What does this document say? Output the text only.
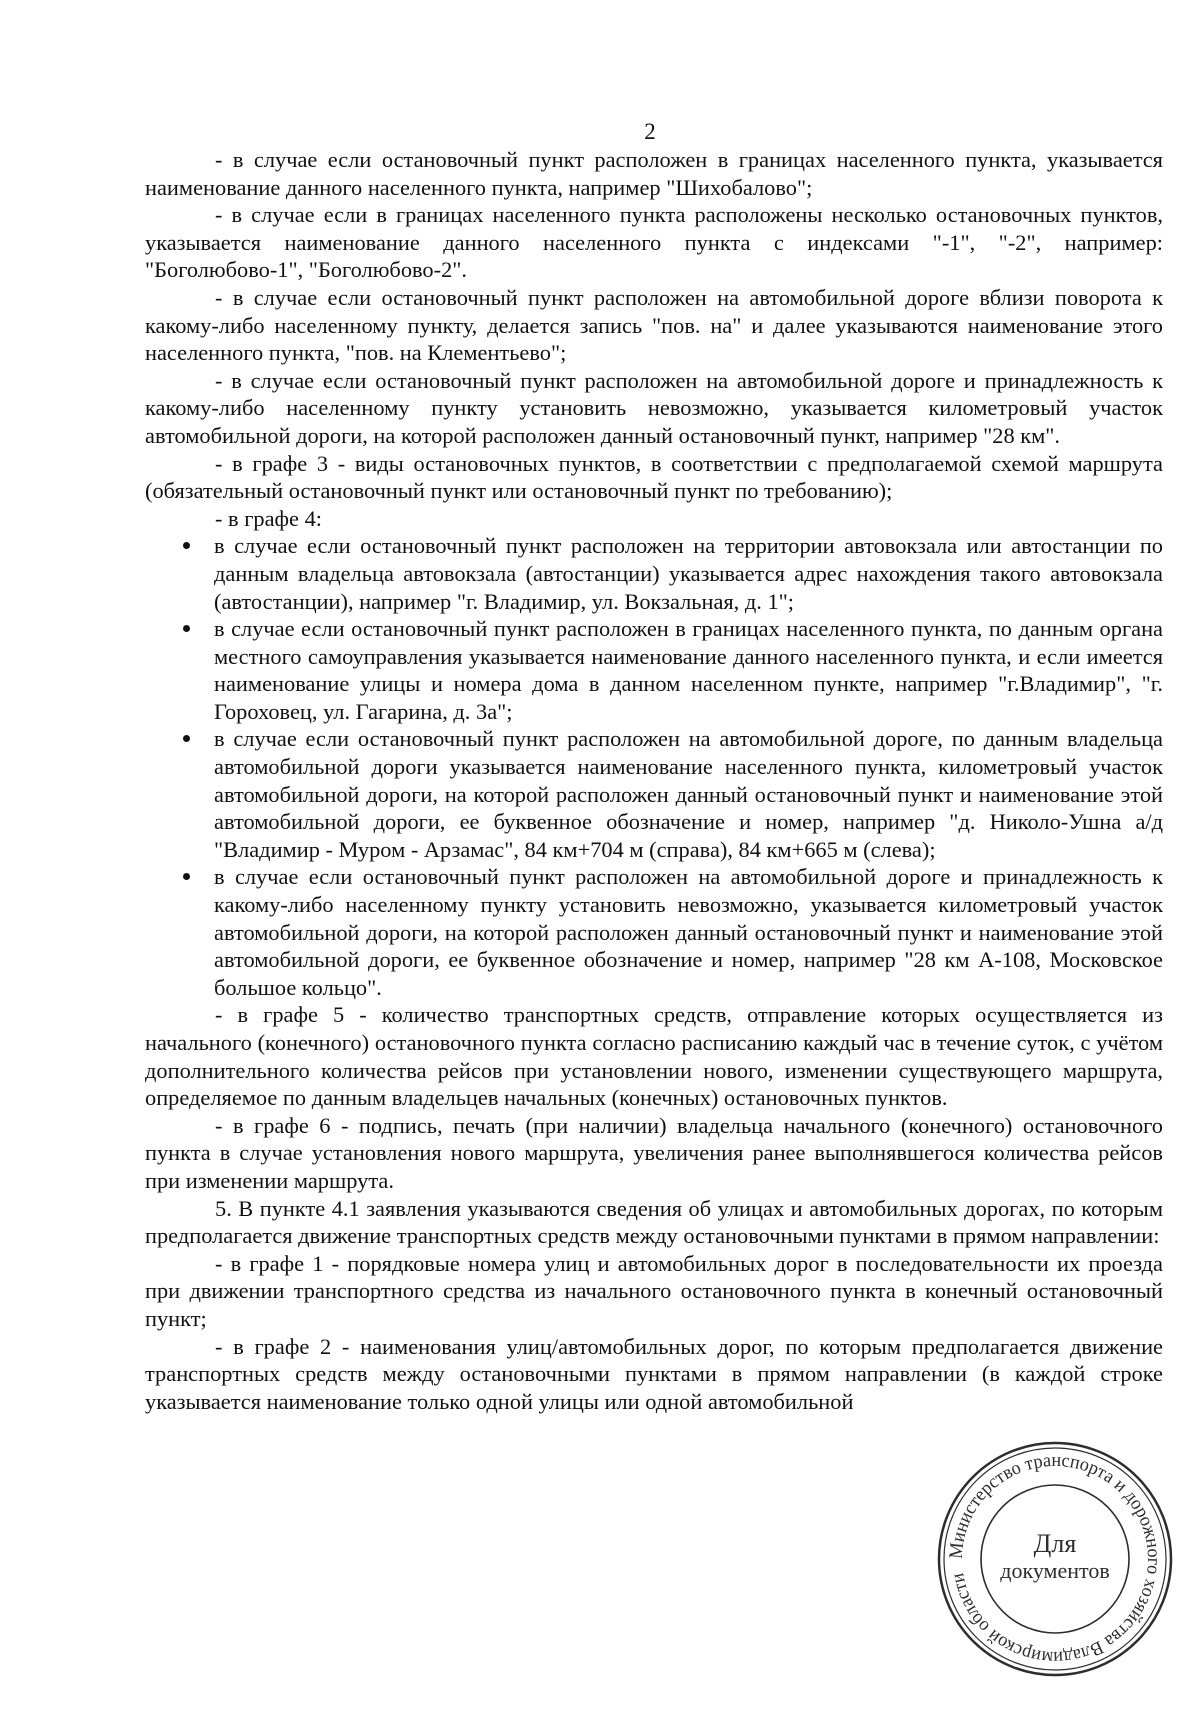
2

- в случае если остановочный пункт расположен в границах населенного пункта, указывается наименование данного населенного пункта, например "Шихобалово";

- в случае если в границах населенного пункта расположены несколько остановочных пунктов, указывается наименование данного населенного пункта с индексами "-1", "-2", например: "Боголюбово-1", "Боголюбово-2".

- в случае если остановочный пункт расположен на автомобильной дороге вблизи поворота к какому-либо населенному пункту, делается запись "пов. на" и далее указываются наименование этого населенного пункта, "пов. на Клементьево";

- в случае если остановочный пункт расположен на автомобильной дороге и принадлежность к какому-либо населенному пункту установить невозможно, указывается километровый участок автомобильной дороги, на которой расположен данный остановочный пункт, например "28 км".

- в графе 3 - виды остановочных пунктов, в соответствии с предполагаемой схемой маршрута (обязательный остановочный пункт или остановочный пункт по требованию);

- в графе 4:

в случае если остановочный пункт расположен на территории автовокзала или автостанции по данным владельца автовокзала (автостанции) указывается адрес нахождения такого автовокзала (автостанции), например "г. Владимир, ул. Вокзальная, д. 1";
в случае если остановочный пункт расположен в границах населенного пункта, по данным органа местного самоуправления указывается наименование данного населенного пункта, и если имеется наименование улицы и номера дома в данном населенном пункте, например "г.Владимир", "г. Гороховец, ул. Гагарина, д. 3а";
в случае если остановочный пункт расположен на автомобильной дороге, по данным владельца автомобильной дороги указывается наименование населенного пункта, километровый участок автомобильной дороги, на которой расположен данный остановочный пункт и наименование этой автомобильной дороги, ее буквенное обозначение и номер, например "д. Николо-Ушна а/д "Владимир - Муром - Арзамас", 84 км+704 м (справа), 84 км+665 м (слева);
в случае если остановочный пункт расположен на автомобильной дороге и принадлежность к какому-либо населенному пункту установить невозможно, указывается километровый участок автомобильной дороги, на которой расположен данный остановочный пункт и наименование этой автомобильной дороги, ее буквенное обозначение и номер, например "28 км А-108, Московское большое кольцо".

- в графе 5 - количество транспортных средств, отправление которых осуществляется из начального (конечного) остановочного пункта согласно расписанию каждый час в течение суток, с учётом дополнительного количества рейсов при установлении нового, изменении существующего маршрута, определяемое по данным владельцев начальных (конечных) остановочных пунктов.

- в графе 6 - подпись, печать (при наличии) владельца начального (конечного) остановочного пункта в случае установления нового маршрута, увеличения ранее выполнявшегося количества рейсов при изменении маршрута.

5. В пункте 4.1 заявления указываются сведения об улицах и автомобильных дорогах, по которым предполагается движение транспортных средств между остановочными пунктами в прямом направлении:

- в графе 1 - порядковые номера улиц и автомобильных дорог в последовательности их проезда при движении транспортного средства из начального остановочного пункта в конечный остановочный пункт;

- в графе 2 - наименования улиц/автомобильных дорог, по которым предполагается движение транспортных средств между остановочными пунктами в прямом направлении (в каждой строке указывается наименование только одной улицы или одной автомобильной

Министерство транспорта и дорожного хозяйства Владимирской области
Для
документов
